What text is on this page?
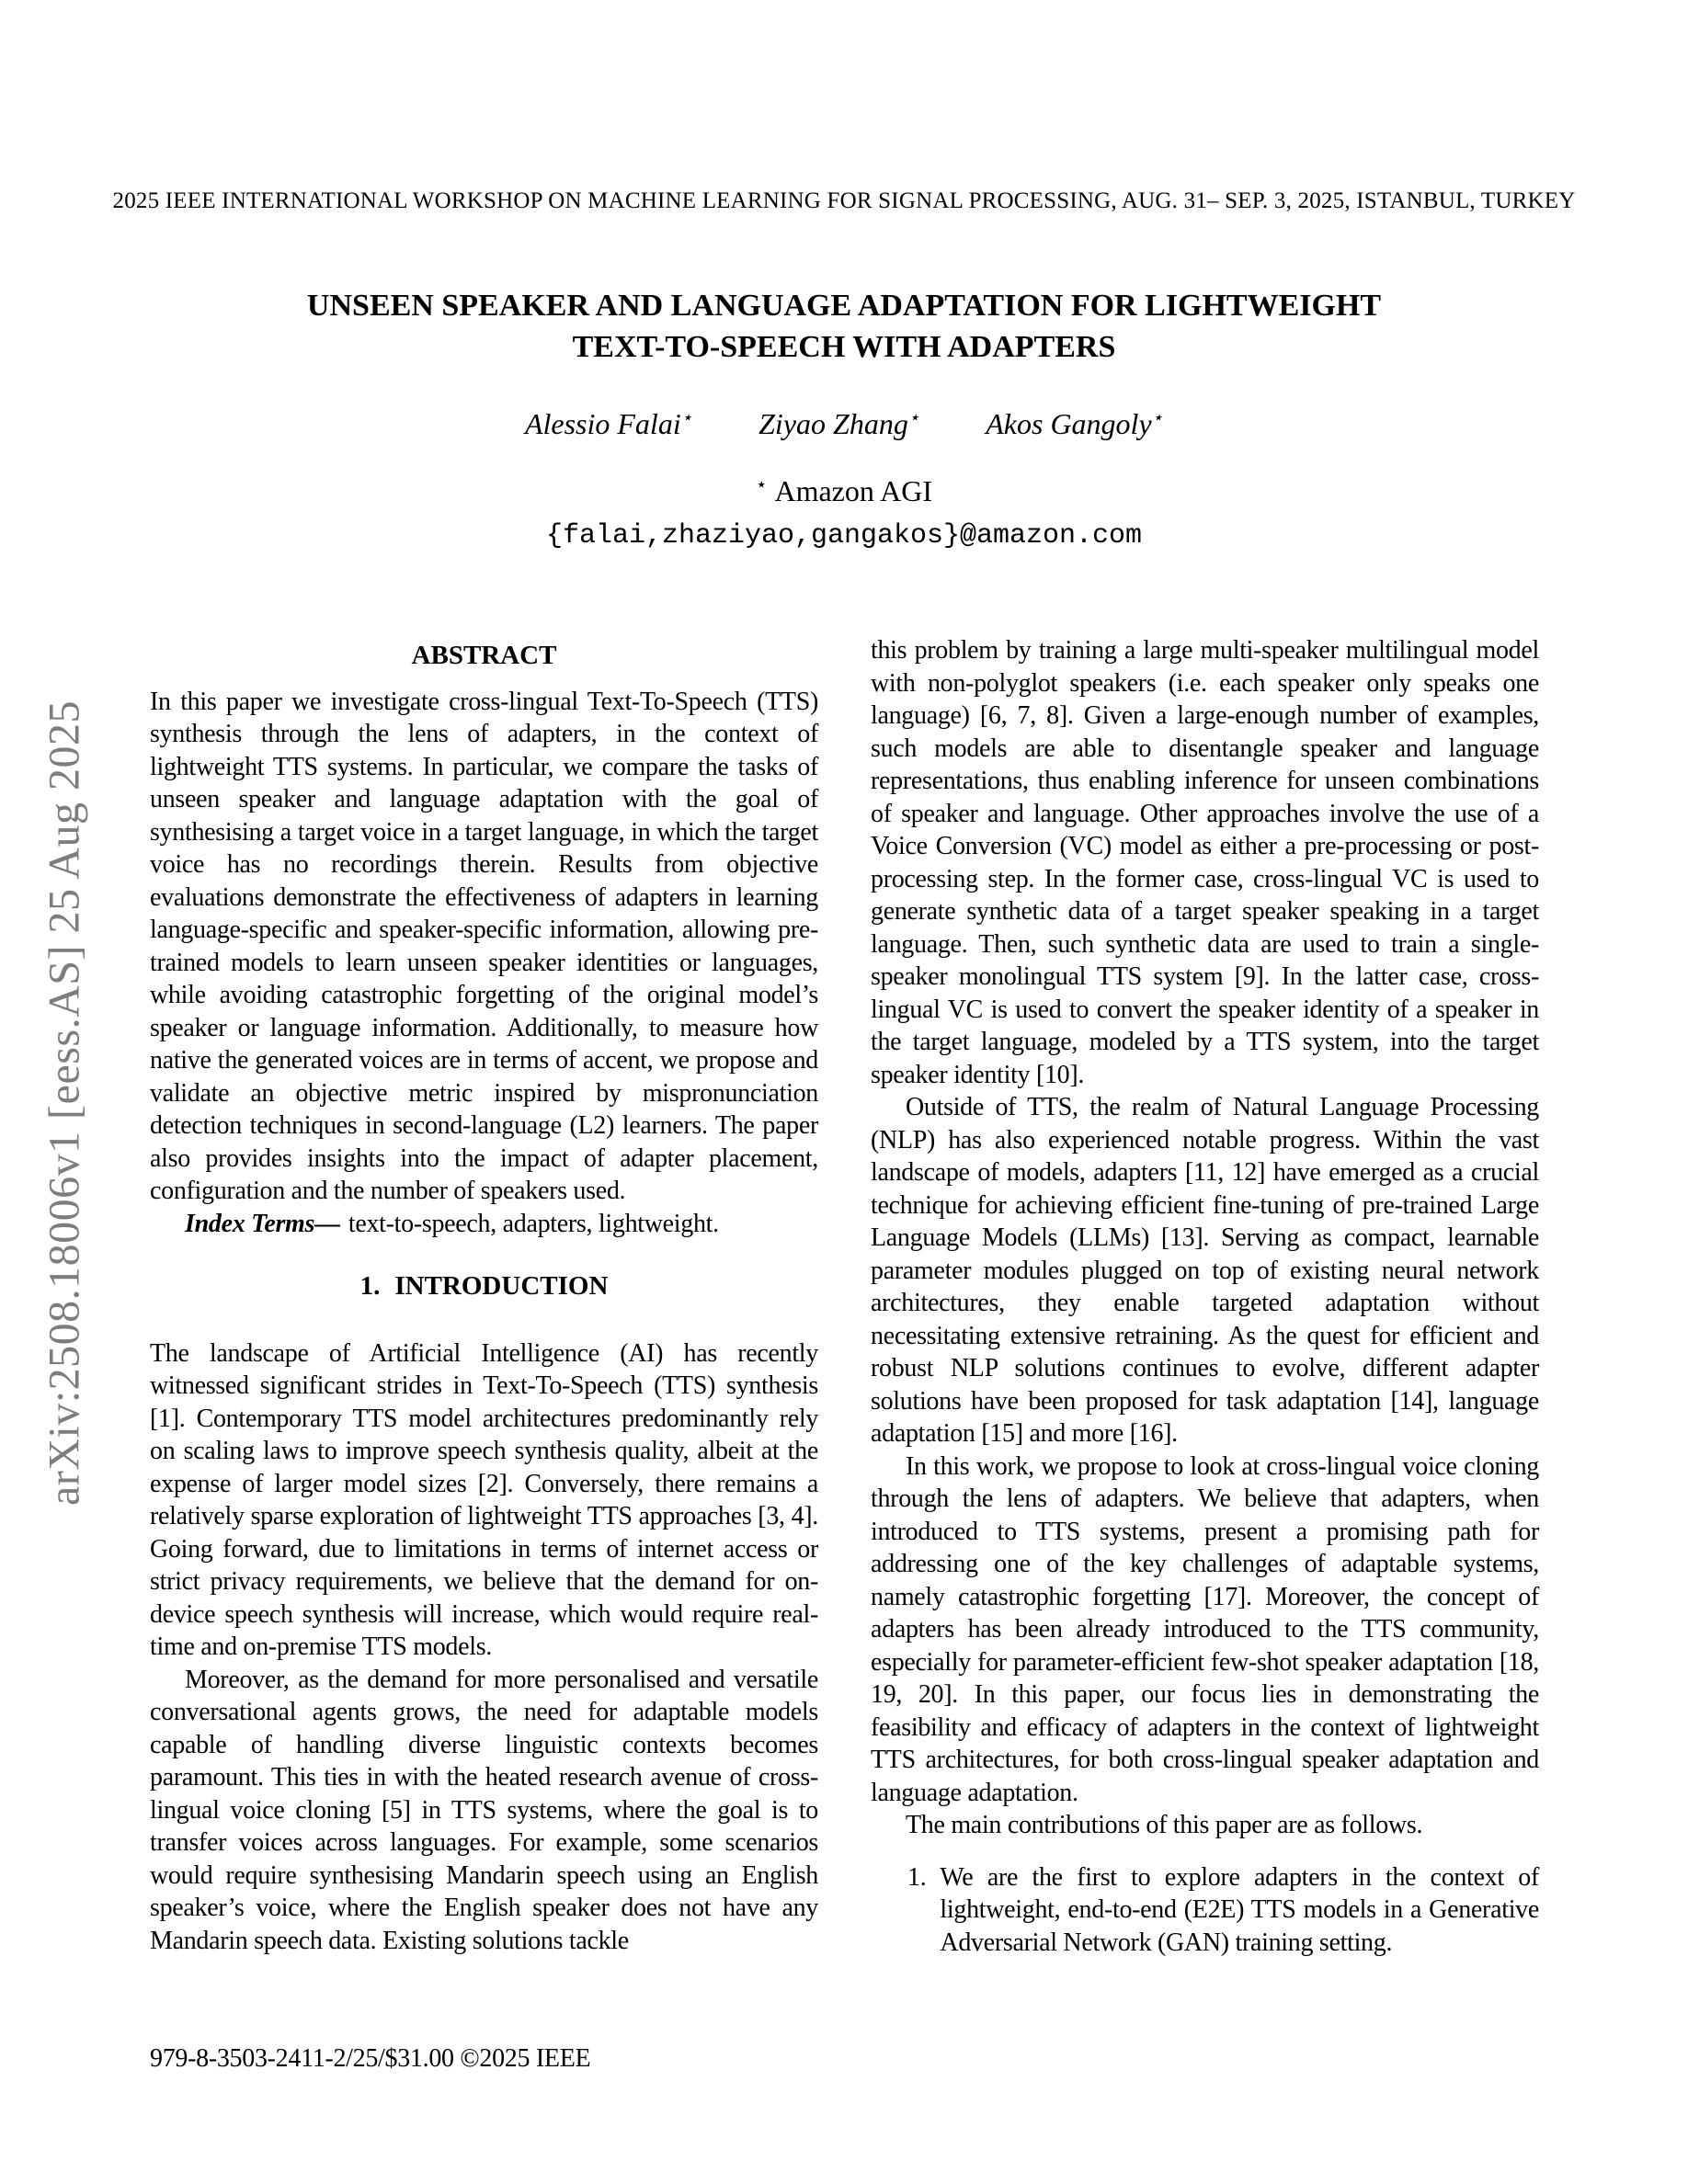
arXiv:2508.18006v1 [eess.AS] 25 Aug 2025
2025 IEEE INTERNATIONAL WORKSHOP ON MACHINE LEARNING FOR SIGNAL PROCESSING, AUG. 31– SEP. 3, 2025, ISTANBUL, TURKEY
UNSEEN SPEAKER AND LANGUAGE ADAPTATION FOR LIGHTWEIGHT TEXT-TO-SPEECH WITH ADAPTERS
Alessio Falai⋆ Ziyao Zhang⋆ Akos Gangoly⋆
⋆ Amazon AGI
{falai,zhaziyao,gangakos}@amazon.com
ABSTRACT

In this paper we investigate cross-lingual Text-To-Speech (TTS) synthesis through the lens of adapters, in the context of lightweight TTS systems. In particular, we compare the tasks of unseen speaker and language adaptation with the goal of synthesising a target voice in a target language, in which the target voice has no recordings therein. Results from objective evaluations demonstrate the effectiveness of adapters in learning language-specific and speaker-specific information, allowing pre-trained models to learn unseen speaker identities or languages, while avoiding catastrophic forgetting of the original model’s speaker or language information. Additionally, to measure how native the generated voices are in terms of accent, we propose and validate an objective metric inspired by mispronunciation detection techniques in second-language (L2) learners. The paper also provides insights into the impact of adapter placement, configuration and the number of speakers used.

Index Terms— text-to-speech, adapters, lightweight.

1. INTRODUCTION

The landscape of Artificial Intelligence (AI) has recently witnessed significant strides in Text-To-Speech (TTS) synthesis [1]. Contemporary TTS model architectures predominantly rely on scaling laws to improve speech synthesis quality, albeit at the expense of larger model sizes [2]. Conversely, there remains a relatively sparse exploration of lightweight TTS approaches [3, 4]. Going forward, due to limitations in terms of internet access or strict privacy requirements, we believe that the demand for on-device speech synthesis will increase, which would require real-time and on-premise TTS models.

Moreover, as the demand for more personalised and versatile conversational agents grows, the need for adaptable models capable of handling diverse linguistic contexts becomes paramount. This ties in with the heated research avenue of cross-lingual voice cloning [5] in TTS systems, where the goal is to transfer voices across languages. For example, some scenarios would require synthesising Mandarin speech using an English speaker’s voice, where the English speaker does not have any Mandarin speech data. Existing solutions tackle

this problem by training a large multi-speaker multilingual model with non-polyglot speakers (i.e. each speaker only speaks one language) [6, 7, 8]. Given a large-enough number of examples, such models are able to disentangle speaker and language representations, thus enabling inference for unseen combinations of speaker and language. Other approaches involve the use of a Voice Conversion (VC) model as either a pre-processing or post-processing step. In the former case, cross-lingual VC is used to generate synthetic data of a target speaker speaking in a target language. Then, such synthetic data are used to train a single-speaker monolingual TTS system [9]. In the latter case, cross-lingual VC is used to convert the speaker identity of a speaker in the target language, modeled by a TTS system, into the target speaker identity [10].

Outside of TTS, the realm of Natural Language Processing (NLP) has also experienced notable progress. Within the vast landscape of models, adapters [11, 12] have emerged as a crucial technique for achieving efficient fine-tuning of pre-trained Large Language Models (LLMs) [13]. Serving as compact, learnable parameter modules plugged on top of existing neural network architectures, they enable targeted adaptation without necessitating extensive retraining. As the quest for efficient and robust NLP solutions continues to evolve, different adapter solutions have been proposed for task adaptation [14], language adaptation [15] and more [16].

In this work, we propose to look at cross-lingual voice cloning through the lens of adapters. We believe that adapters, when introduced to TTS systems, present a promising path for addressing one of the key challenges of adaptable systems, namely catastrophic forgetting [17]. Moreover, the concept of adapters has been already introduced to the TTS community, especially for parameter-efficient few-shot speaker adaptation [18, 19, 20]. In this paper, our focus lies in demonstrating the feasibility and efficacy of adapters in the context of lightweight TTS architectures, for both cross-lingual speaker adaptation and language adaptation.

The main contributions of this paper are as follows.

1. We are the first to explore adapters in the context of lightweight, end-to-end (E2E) TTS models in a Generative Adversarial Network (GAN) training setting.
979-8-3503-2411-2/25/$31.00 ©2025 IEEE
